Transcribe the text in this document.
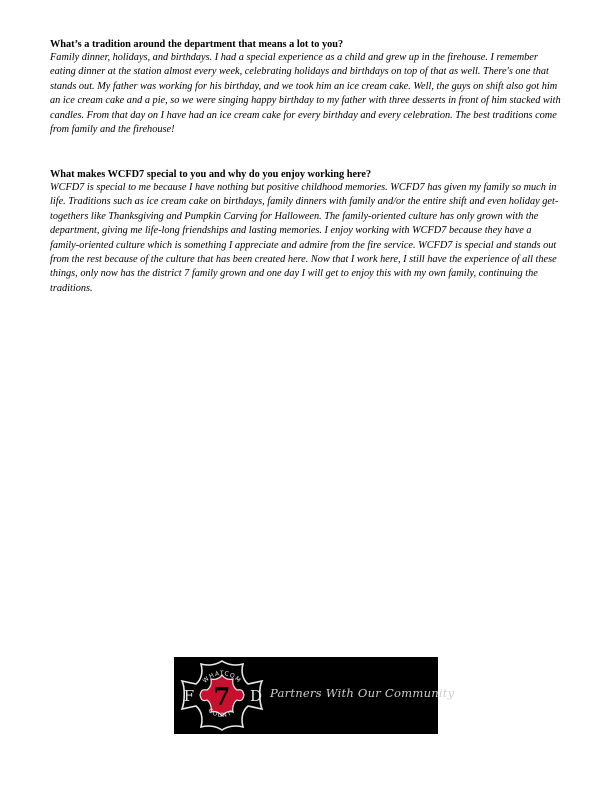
What’s a tradition around the department that means a lot to you?

Family dinner, holidays, and birthdays. I had a special experience as a child and grew up in the firehouse. I remember eating dinner at the station almost every week, celebrating holidays and birthdays on top of that as well. There's one that stands out. My father was working for his birthday, and we took him an ice cream cake. Well, the guys on shift also got him an ice cream cake and a pie, so we were singing happy birthday to my father with three desserts in front of him stacked with candles. From that day on I have had an ice cream cake for every birthday and every celebration. The best traditions come from family and the firehouse!

What makes WCFD7 special to you and why do you enjoy working here?

WCFD7 is special to me because I have nothing but positive childhood memories. WCFD7 has given my family so much in life. Traditions such as ice cream cake on birthdays, family dinners with family and/or the entire shift and even holiday get-togethers like Thanksgiving and Pumpkin Carving for Halloween. The family-oriented culture has only grown with the department, giving me life-long friendships and lasting memories. I enjoy working with WCFD7 because they have a family-oriented culture which is something I appreciate and admire from the fire service. WCFD7 is special and stands out from the rest because of the culture that has been created here. Now that I work here, I still have the experience of all these things, only now has the district 7 family grown and one day I will get to enjoy this with my own family, continuing the traditions.

WHATCOM
COUNTY
F 7 D Partners With Our Community
